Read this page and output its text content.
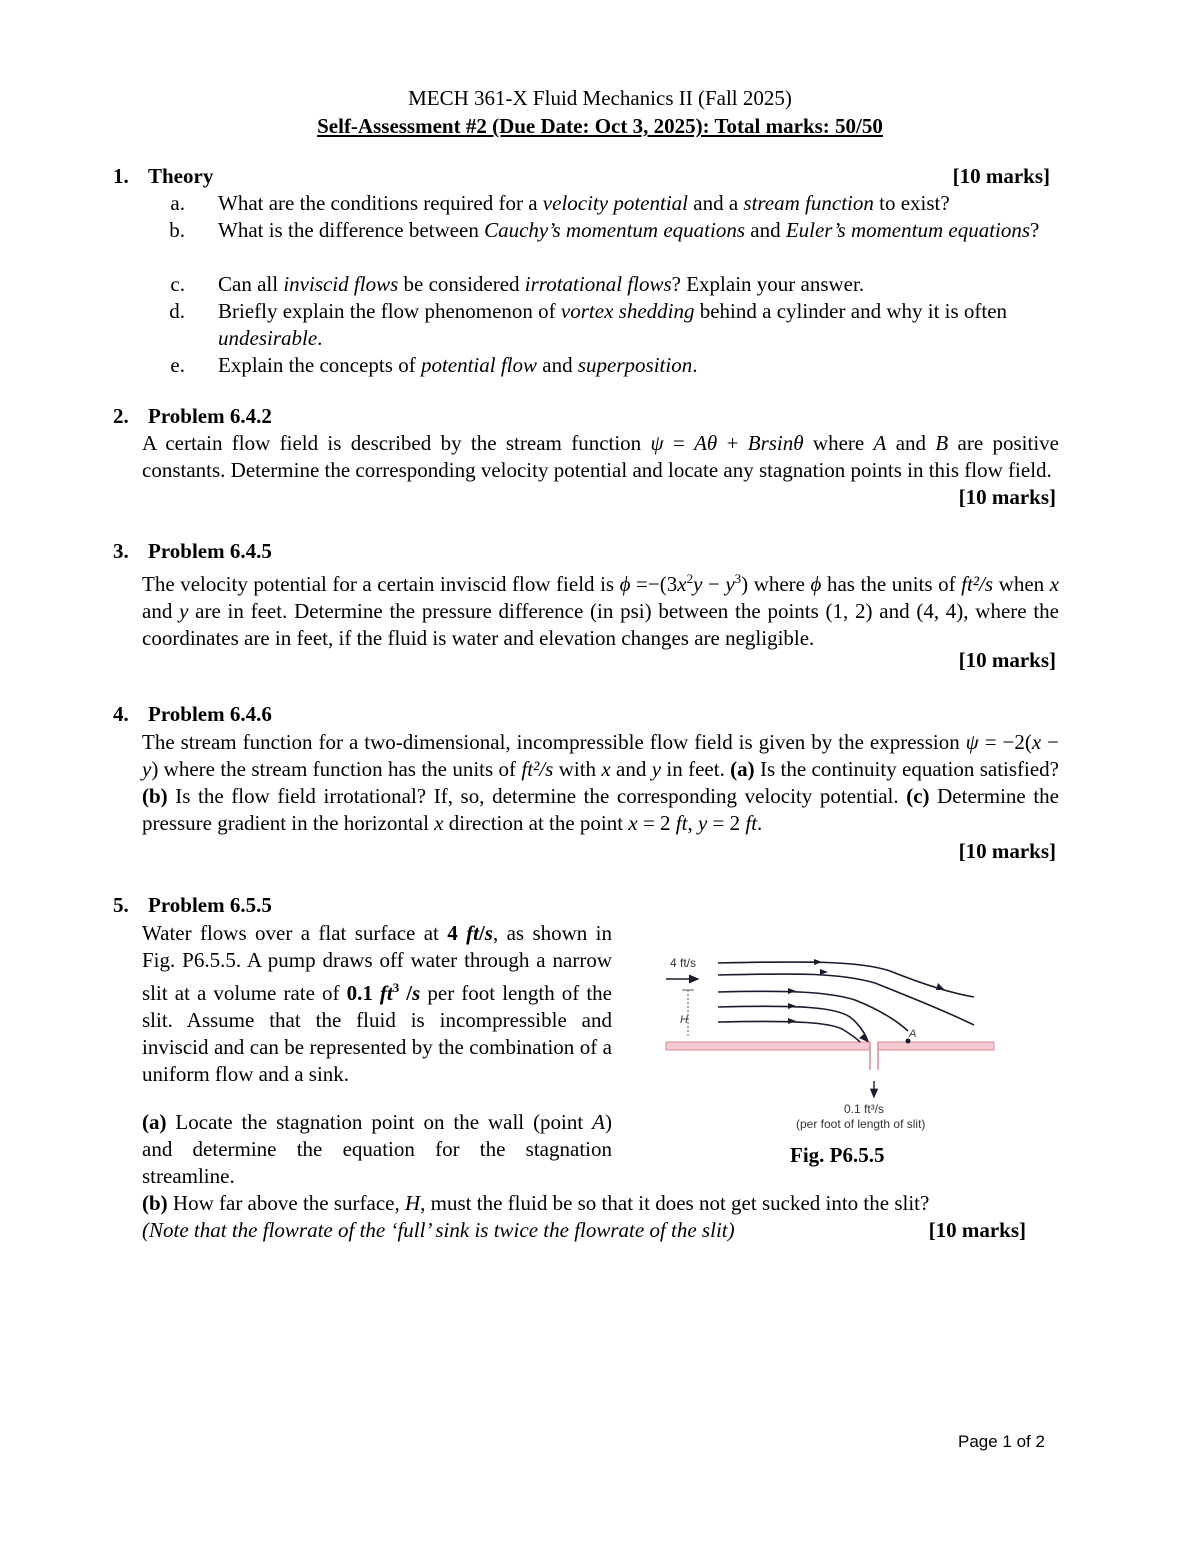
MECH 361-X Fluid Mechanics II (Fall 2025)
Self-Assessment #2 (Due Date: Oct 3, 2025): Total marks: 50/50
1. Theory	[10 marks]
a. What are the conditions required for a velocity potential and a stream function to exist?
b. What is the difference between Cauchy’s momentum equations and Euler’s momentum equations?
c. Can all inviscid flows be considered irrotational flows? Explain your answer.
d. Briefly explain the flow phenomenon of vortex shedding behind a cylinder and why it is often undesirable.
e. Explain the concepts of potential flow and superposition.
2. Problem 6.4.2
A certain flow field is described by the stream function ψ = Aθ + Brsinθ where A and B are positive constants. Determine the corresponding velocity potential and locate any stagnation points in this flow field.
[10 marks]
3. Problem 6.4.5
The velocity potential for a certain inviscid flow field is $\phi =-(3x^2y - y^3)$ where ϕ has the units of ft²/s when x and y are in feet. Determine the pressure difference (in psi) between the points (1, 2) and (4, 4), where the coordinates are in feet, if the fluid is water and elevation changes are negligible.
[10 marks]
4. Problem 6.4.6
The stream function for a two-dimensional, incompressible flow field is given by the expression ψ = −2(x − y) where the stream function has the units of ft²/s with x and y in feet. (a) Is the continuity equation satisfied? (b) Is the flow field irrotational? If, so, determine the corresponding velocity potential. (c) Determine the pressure gradient in the horizontal x direction at the point x = 2 ft, y = 2 ft.
[10 marks]
5. Problem 6.5.5
Water flows over a flat surface at 4 ft/s, as shown in Fig. P6.5.5. A pump draws off water through a narrow slit at a volume rate of 0.1 $ft^3$ /s per foot length of the slit. Assume that the fluid is incompressible and inviscid and can be represented by the combination of a uniform flow and a sink.
(a) Locate the stagnation point on the wall (point A) and determine the equation for the stagnation streamline.
(b) How far above the surface, H, must the fluid be so that it does not get sucked into the slit?
(Note that the flowrate of the ‘full’ sink is twice the flowrate of the slit)	[10 marks]
4 ft/s
H
A
0.1 ft³/s
(per foot of length of slit)
Fig. P6.5.5
Page 1 of 2
